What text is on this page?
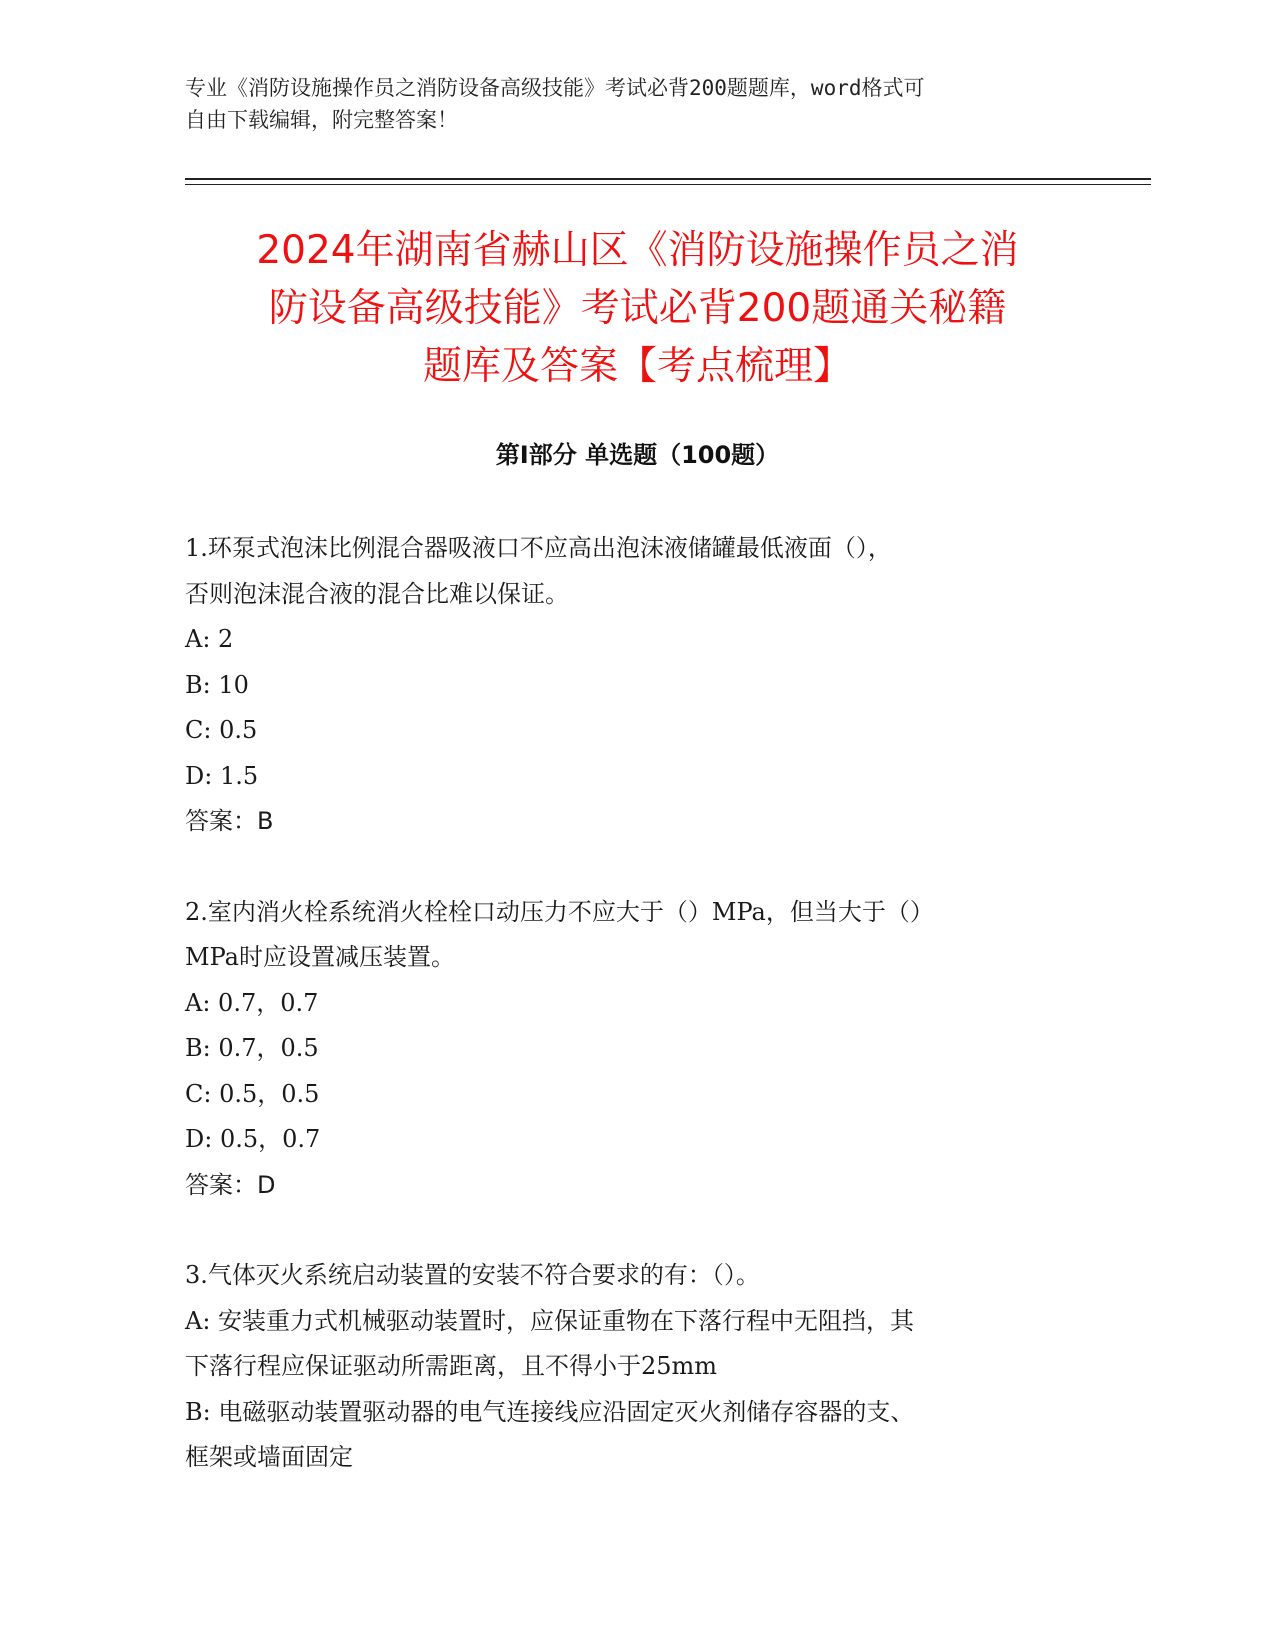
专业《消防设施操作员之消防设备高级技能》考试必背200题题库，word格式可

自由下载编辑，附完整答案！

2024年湖南省赫山区《消防设施操作员之消
防设备高级技能》考试必背200题通关秘籍
题库及答案【考点梳理】
第I部分 单选题（100题）
1.环泵式泡沫比例混合器吸液口不应高出泡沫液储罐最低液面（），
否则泡沫混合液的混合比难以保证。
A: 2
B: 10
C: 0.5
D: 1.5
答案：B
2.室内消火栓系统消火栓栓口动压力不应大于（）MPa，但当大于（）
MPa时应设置减压装置。
A: 0.7，0.7
B: 0.7，0.5
C: 0.5，0.5
D: 0.5，0.7
答案：D
3.气体灭火系统启动装置的安装不符合要求的有：（）。
A: 安装重力式机械驱动装置时，应保证重物在下落行程中无阻挡，其
下落行程应保证驱动所需距离，且不得小于25mm
B: 电磁驱动装置驱动器的电气连接线应沿固定灭火剂储存容器的支、
框架或墙面固定
